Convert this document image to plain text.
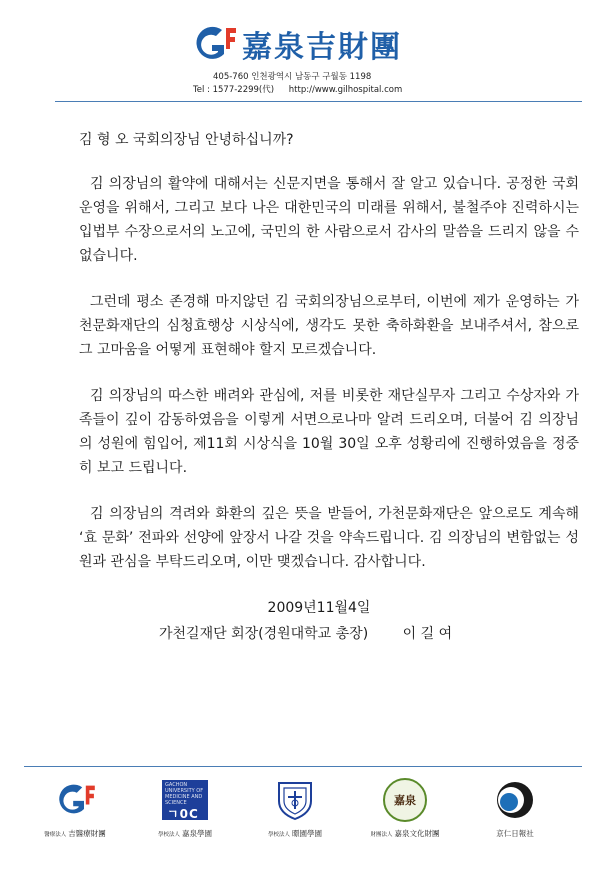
嘉泉吉財團
405-760 인천광역시 남동구 구월동 1198
Tel : 1577-2299(代) http://www.gilhospital.com

김 형 오 국회의장님 안녕하십니까?

김 의장님의 활약에 대해서는 신문지면을 통해서 잘 알고 있습니다. 공정한 국회운영을 위해서, 그리고 보다 나은 대한민국의 미래를 위해서, 불철주야 진력하시는 입법부 수장으로서의 노고에, 국민의 한 사람으로서 감사의 말씀을 드리지 않을 수 없습니다.

그런데 평소 존경해 마지않던 김 국회의장님으로부터, 이번에 제가 운영하는 가천문화재단의 심청효행상 시상식에, 생각도 못한 축하화환을 보내주셔서, 참으로 그 고마움을 어떻게 표현해야 할지 모르겠습니다.

김 의장님의 따스한 배려와 관심에, 저를 비롯한 재단실무자 그리고 수상자와 가족들이 깊이 감동하였음을 이렇게 서면으로나마 알려 드리오며, 더불어 김 의장님의 성원에 힘입어, 제11회 시상식을 10월 30일 오후 성황리에 진행하였음을 정중히 보고 드립니다.

김 의장님의 격려와 화환의 깊은 뜻을 받들어, 가천문화재단은 앞으로도 계속해 ‘효 문화’ 전파와 선양에 앞장서 나갈 것을 약속드립니다. 김 의장님의 변함없는 성원과 관심을 부탁드리오며, 이만 맺겠습니다. 감사합니다.

2009년11월4일

가천길재단 회장(경원대학교 총장) 이 길 여

醫療法人 吉醫療財團
GACHON UNIVERSITY OF MEDICINE AND SCIENCE
ㄱ0C
學校法人 嘉泉學園	學校法人 暻園學園
嘉泉
財團法人 嘉泉文化財團	京仁日報社
